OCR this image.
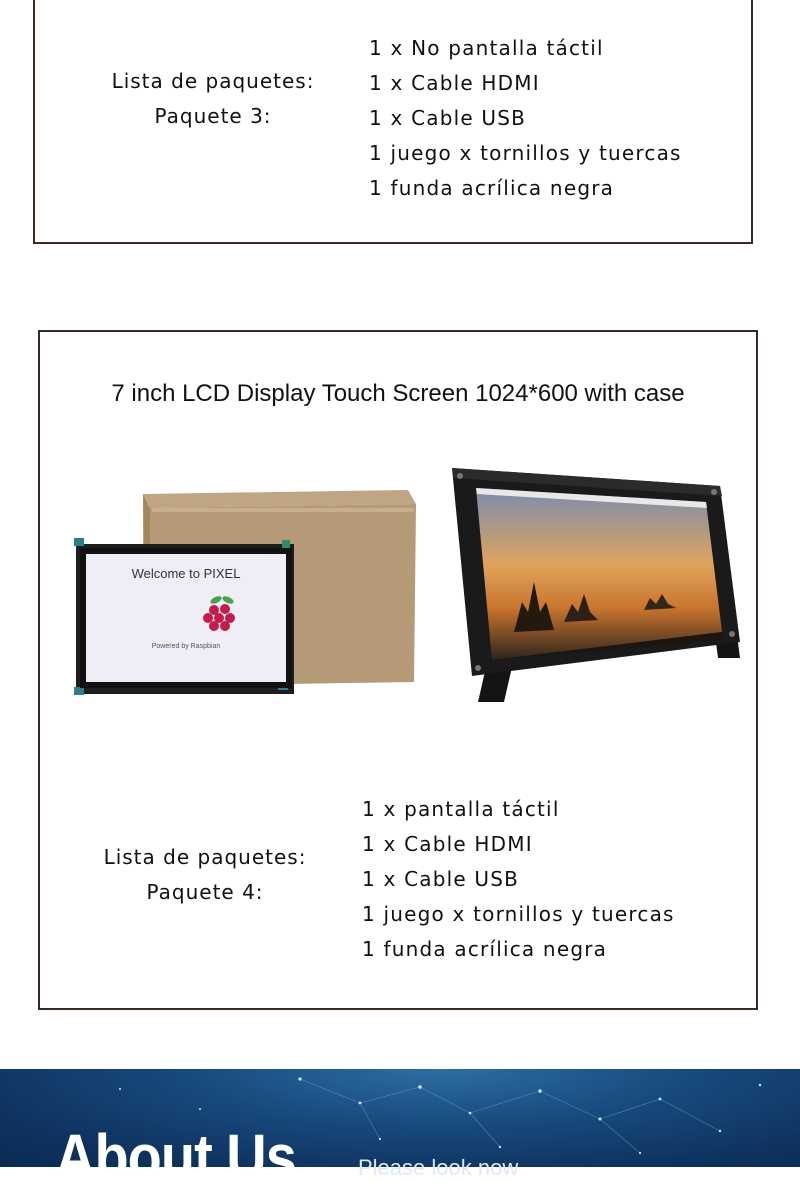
Lista de paquetes:
Paquete 3:
1 x No pantalla táctil
1 x Cable HDMI
1 x Cable USB
1 juego x tornillos y tuercas
1 funda acrílica negra
7 inch LCD Display Touch Screen 1024*600 with case
Welcome to PIXEL
Powered by Raspbian
Lista de paquetes:
Paquete 4:
1 x pantalla táctil
1 x Cable HDMI
1 x Cable USB
1 juego x tornillos y tuercas
1 funda acrílica negra
About Us	Please look now
